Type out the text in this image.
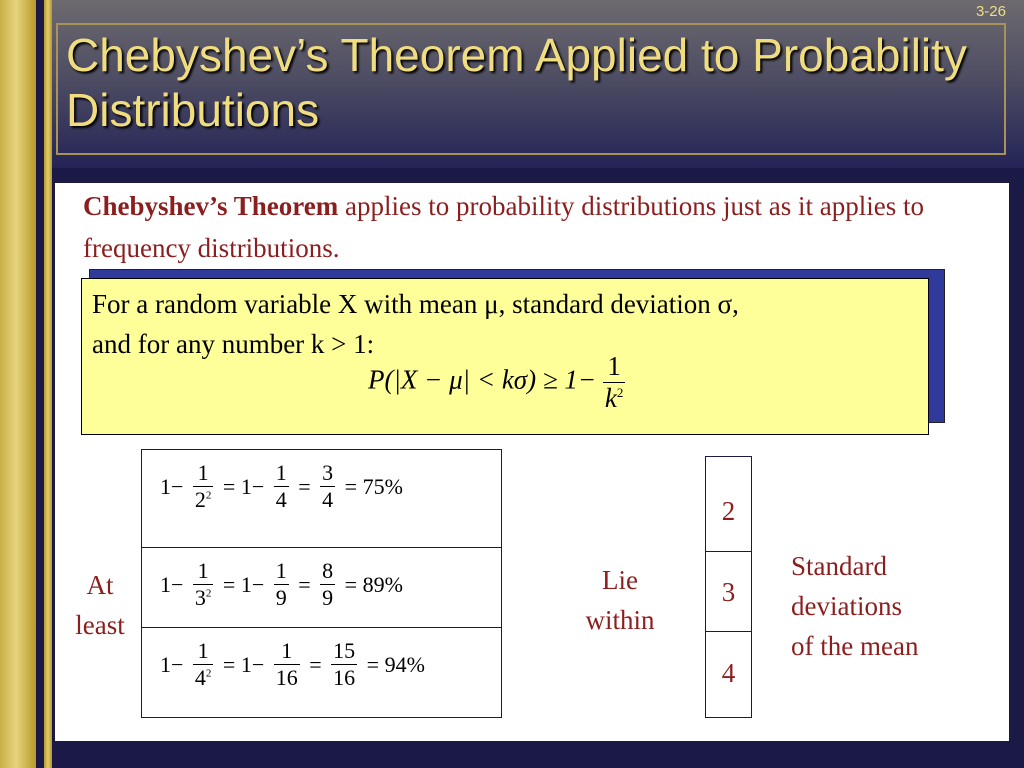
Chebyshev’s Theorem Applied to Probability Distributions
3-26

Chebyshev’s Theorem applies to probability distributions just as it applies to frequency distributions.

For a random variable X with mean μ, standard deviation σ,
and for any number k > 1:
$P(|X - \mu| < k\sigma) \ge 1- \frac{1}{k^2}$
At least
$1- \frac{1}{2^2} = 1- \frac{1}{4} = \frac{3}{4} = 75\%$
$1- \frac{1}{3^2} = 1- \frac{1}{9} = \frac{8}{9} = 89\%$
$1- \frac{1}{4^2} = 1- \frac{1}{16} = \frac{15}{16} = 94\%$
Lie within
2
3
4
Standard
deviations
of the mean
